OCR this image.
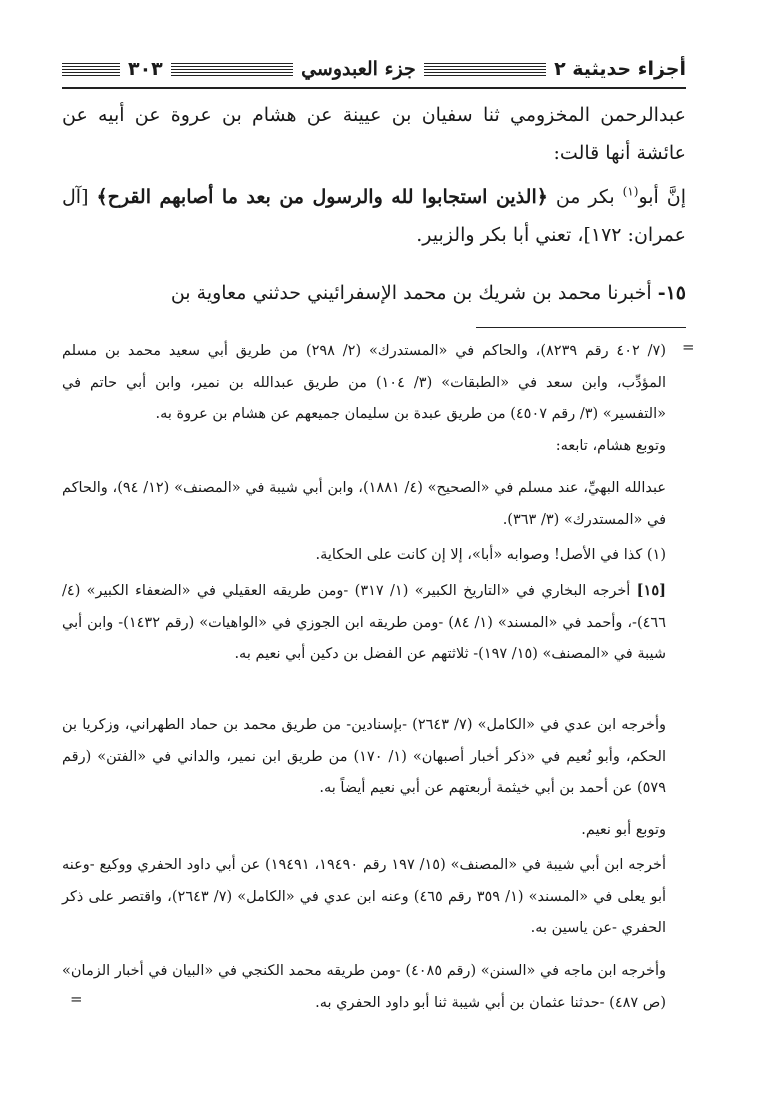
أجزاء حديثية ٢
جزء العبدوسي
٣٠٣

عبدالرحمن المخزومي ثنا سفيان بن عيينة عن هشام بن عروة عن أبيه عن عائشة أنها قالت:

إنَّ أبو$^{(١)}$ بكر من ﴿الذين استجابوا لله والرسول من بعد ما أصابهم القرح﴾ [آل عمران: ١٧٢]، تعني أبا بكر والزبير.

١٥- أخبرنا محمد بن شريك بن محمد الإسفرائيني حدثني معاوية بن

=

(٧/ ٤٠٢ رقم ٨٢٣٩)، والحاكم في «المستدرك» (٢/ ٢٩٨) من طريق أبي سعيد محمد بن مسلم المؤدِّب، وابن سعد في «الطبقات» (٣/ ١٠٤) من طريق عبدالله بن نمير، وابن أبي حاتم في «التفسير» (٣/ رقم ٤٥٠٧) من طريق عبدة بن سليمان جميعهم عن هشام بن عروة به.

وتوبع هشام، تابعه:

عبدالله البهيِّ، عند مسلم في «الصحيح» (٤/ ١٨٨١)، وابن أبي شيبة في «المصنف» (١٢/ ٩٤)، والحاكم في «المستدرك» (٣/ ٣٦٣).

(١) كذا في الأصل! وصوابه «أبا»، إلا إن كانت على الحكاية.

[١٥] أخرجه البخاري في «التاريخ الكبير» (١/ ٣١٧) -ومن طريقه العقيلي في «الضعفاء الكبير» (٤/ ٤٦٦)-، وأحمد في «المسند» (١/ ٨٤) -ومن طريقه ابن الجوزي في «الواهيات» (رقم ١٤٣٢)- وابن أبي شيبة في «المصنف» (١٥/ ١٩٧)- ثلاثتهم عن الفضل بن دكين أبي نعيم به.

وأخرجه ابن عدي في «الكامل» (٧/ ٢٦٤٣) -بإسنادين- من طريق محمد بن حماد الطهراني، وزكريا بن الحكم، وأبو نُعيم في «ذكر أخبار أصبهان» (١/ ١٧٠) من طريق ابن نمير، والداني في «الفتن» (رقم ٥٧٩) عن أحمد بن أبي خيثمة أربعتهم عن أبي نعيم أيضاً به.

وتوبع أبو نعيم.

أخرجه ابن أبي شيبة في «المصنف» (١٥/ ١٩٧ رقم ١٩٤٩٠، ١٩٤٩١) عن أبي داود الحفري ووكيع -وعنه أبو يعلى في «المسند» (١/ ٣٥٩ رقم ٤٦٥) وعنه ابن عدي في «الكامل» (٧/ ٢٦٤٣)، واقتصر على ذكر الحفري -عن ياسين به.

وأخرجه ابن ماجه في «السنن» (رقم ٤٠٨٥) -ومن طريقه محمد الكنجي في «البيان في أخبار الزمان» (ص ٤٨٧) -حدثنا عثمان بن أبي شيبة ثنا أبو داود الحفري به.

=
